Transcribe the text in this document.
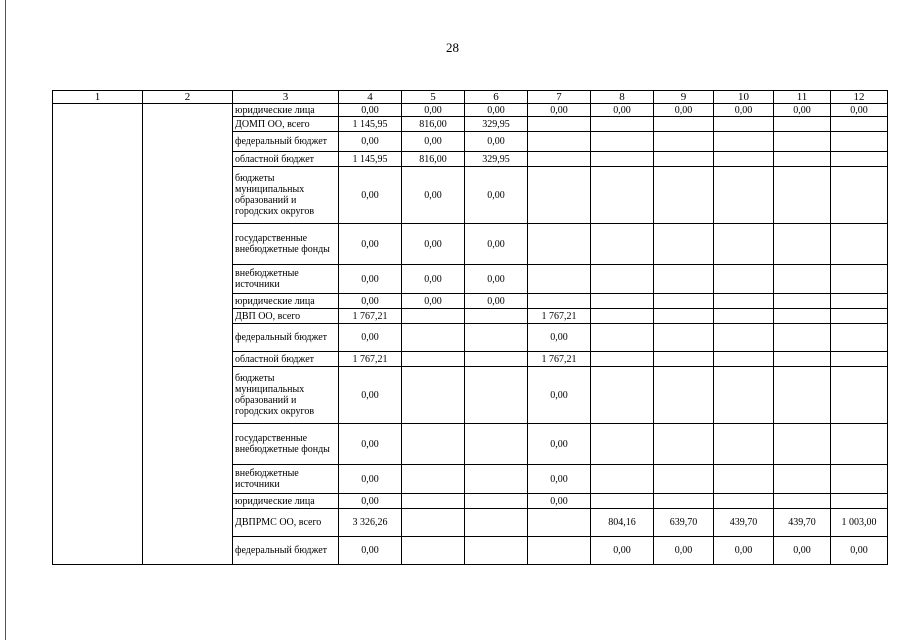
28
1	2	3	4	5	6	7	8	9	10	11	12
		юридические лица	0,00	0,00	0,00	0,00	0,00	0,00	0,00	0,00	0,00
		ДОМП ОО, всего	1 145,95	816,00	329,95						
		федеральный бюджет	0,00	0,00	0,00						
		областной бюджет	1 145,95	816,00	329,95						
		бюджеты муниципальных образований и городских округов	0,00	0,00	0,00						
		государственные внебюджетные фонды	0,00	0,00	0,00						
		внебюджетные источники	0,00	0,00	0,00						
		юридические лица	0,00	0,00	0,00						
		ДВП ОО, всего	1 767,21			1 767,21					
		федеральный бюджет	0,00			0,00					
		областной бюджет	1 767,21			1 767,21					
		бюджеты муниципальных образований и городских округов	0,00			0,00					
		государственные внебюджетные фонды	0,00			0,00					
		внебюджетные источники	0,00			0,00					
		юридические лица	0,00			0,00					
		ДВПРМС ОО, всего	3 326,26				804,16	639,70	439,70	439,70	1 003,00
		федеральный бюджет	0,00				0,00	0,00	0,00	0,00	0,00
